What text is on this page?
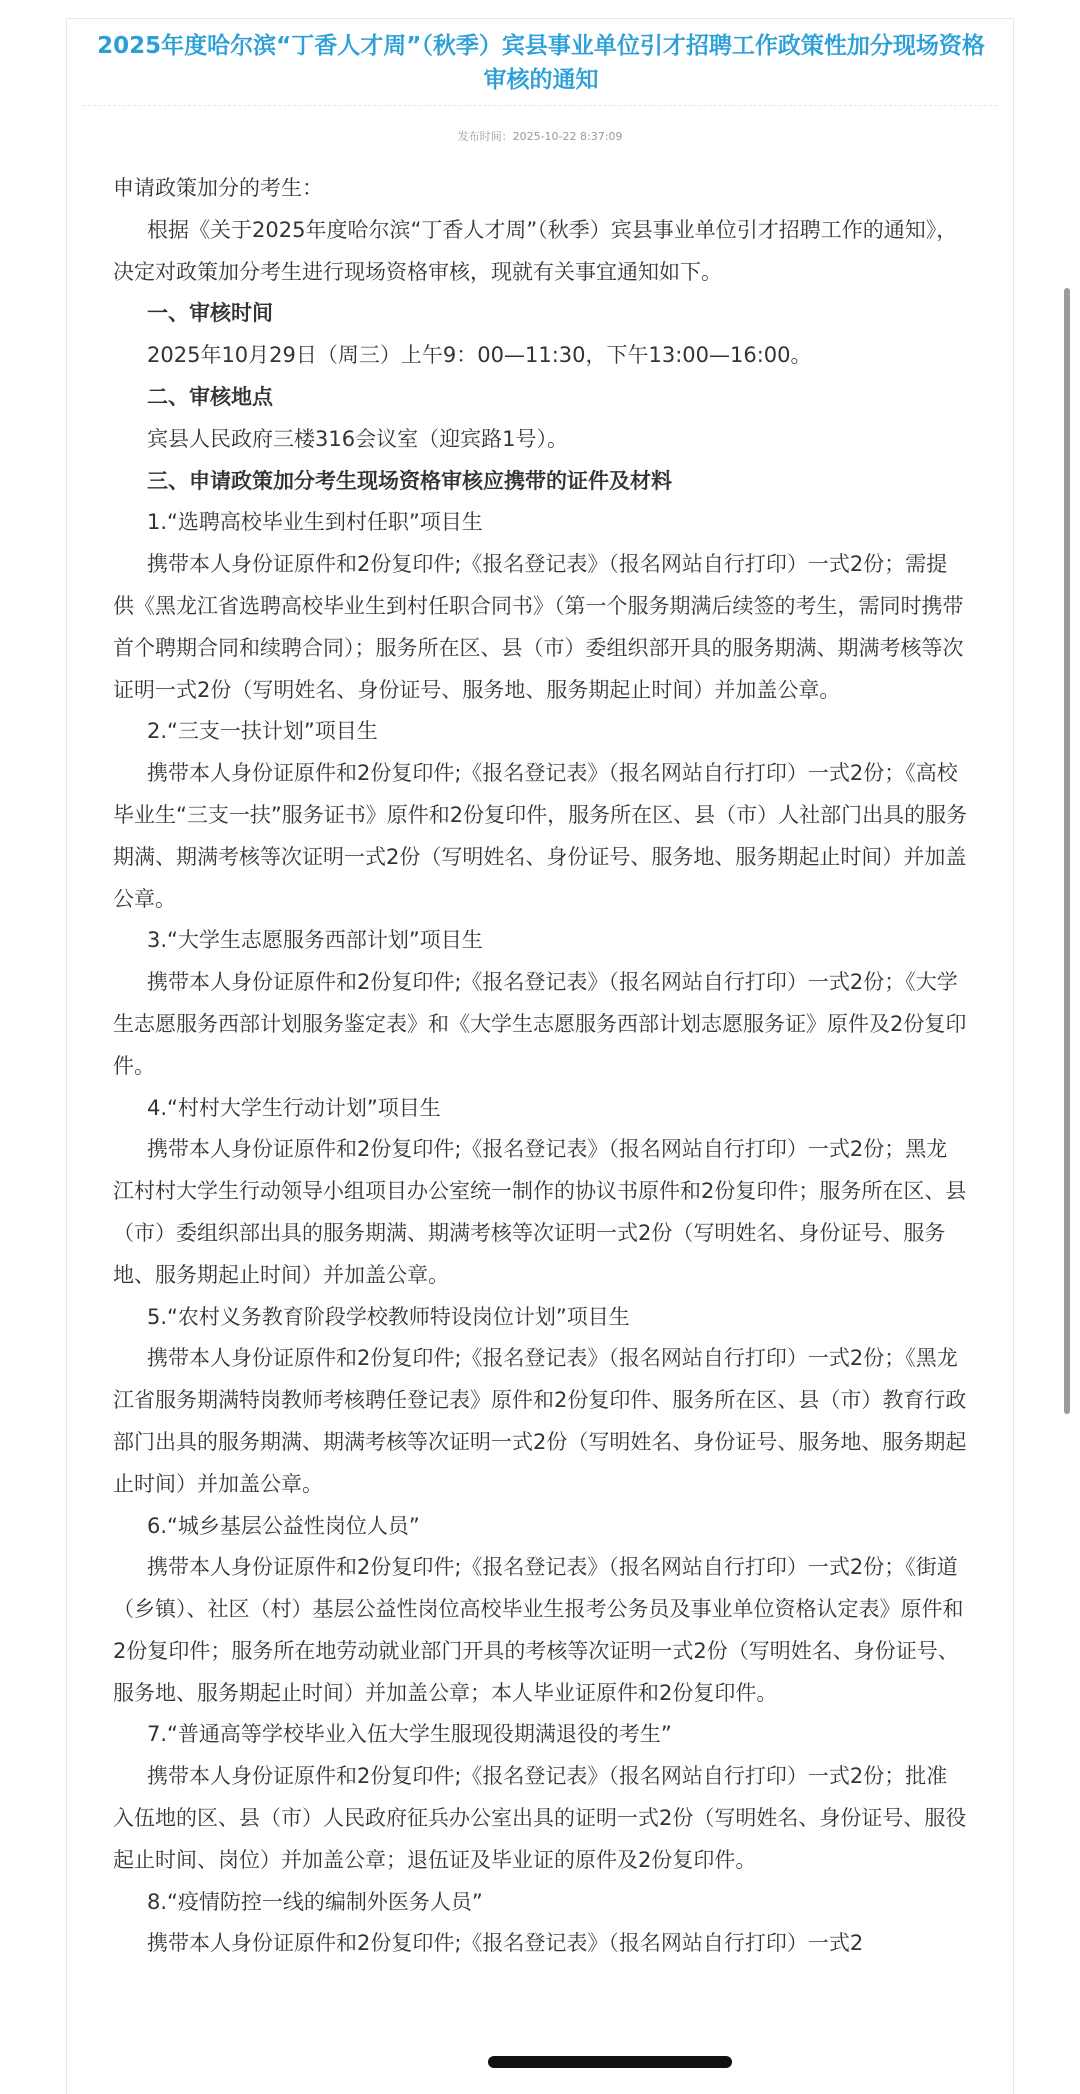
2025年度哈尔滨“丁香人才周”（秋季）宾县事业单位引才招聘工作政策性加分现场资格审核的通知
发布时间：2025-10-22 8:37:09

申请政策加分的考生：

根据《关于2025年度哈尔滨“丁香人才周”（秋季）宾县事业单位引才招聘工作的通知》，决定对政策加分考生进行现场资格审核，现就有关事宜通知如下。

一、审核时间

2025年10月29日（周三）上午9：00—11:30，下午13:00—16:00。

二、审核地点

宾县人民政府三楼316会议室（迎宾路1号）。

三、申请政策加分考生现场资格审核应携带的证件及材料

1.“选聘高校毕业生到村任职”项目生

携带本人身份证原件和2份复印件;《报名登记表》（报名网站自行打印）一式2份；需提供《黑龙江省选聘高校毕业生到村任职合同书》（第一个服务期满后续签的考生，需同时携带首个聘期合同和续聘合同）；服务所在区、县（市）委组织部开具的服务期满、期满考核等次证明一式2份（写明姓名、身份证号、服务地、服务期起止时间）并加盖公章。

2.“三支一扶计划”项目生

携带本人身份证原件和2份复印件;《报名登记表》（报名网站自行打印）一式2份；《高校毕业生“三支一扶”服务证书》原件和2份复印件，服务所在区、县（市）人社部门出具的服务期满、期满考核等次证明一式2份（写明姓名、身份证号、服务地、服务期起止时间）并加盖公章。

3.“大学生志愿服务西部计划”项目生

携带本人身份证原件和2份复印件;《报名登记表》（报名网站自行打印）一式2份；《大学生志愿服务西部计划服务鉴定表》和《大学生志愿服务西部计划志愿服务证》原件及2份复印件。

4.“村村大学生行动计划”项目生

携带本人身份证原件和2份复印件;《报名登记表》（报名网站自行打印）一式2份；黑龙江村村大学生行动领导小组项目办公室统一制作的协议书原件和2份复印件；服务所在区、县（市）委组织部出具的服务期满、期满考核等次证明一式2份（写明姓名、身份证号、服务地、服务期起止时间）并加盖公章。

5.“农村义务教育阶段学校教师特设岗位计划”项目生

携带本人身份证原件和2份复印件;《报名登记表》（报名网站自行打印）一式2份；《黑龙江省服务期满特岗教师考核聘任登记表》原件和2份复印件、服务所在区、县（市）教育行政部门出具的服务期满、期满考核等次证明一式2份（写明姓名、身份证号、服务地、服务期起止时间）并加盖公章。

6.“城乡基层公益性岗位人员”

携带本人身份证原件和2份复印件;《报名登记表》（报名网站自行打印）一式2份；《街道（乡镇）、社区（村）基层公益性岗位高校毕业生报考公务员及事业单位资格认定表》原件和2份复印件；服务所在地劳动就业部门开具的考核等次证明一式2份（写明姓名、身份证号、服务地、服务期起止时间）并加盖公章；本人毕业证原件和2份复印件。

7.“普通高等学校毕业入伍大学生服现役期满退役的考生”

携带本人身份证原件和2份复印件;《报名登记表》（报名网站自行打印）一式2份；批准入伍地的区、县（市）人民政府征兵办公室出具的证明一式2份（写明姓名、身份证号、服役起止时间、岗位）并加盖公章；退伍证及毕业证的原件及2份复印件。

8.“疫情防控一线的编制外医务人员”

携带本人身份证原件和2份复印件;《报名登记表》（报名网站自行打印）一式2
